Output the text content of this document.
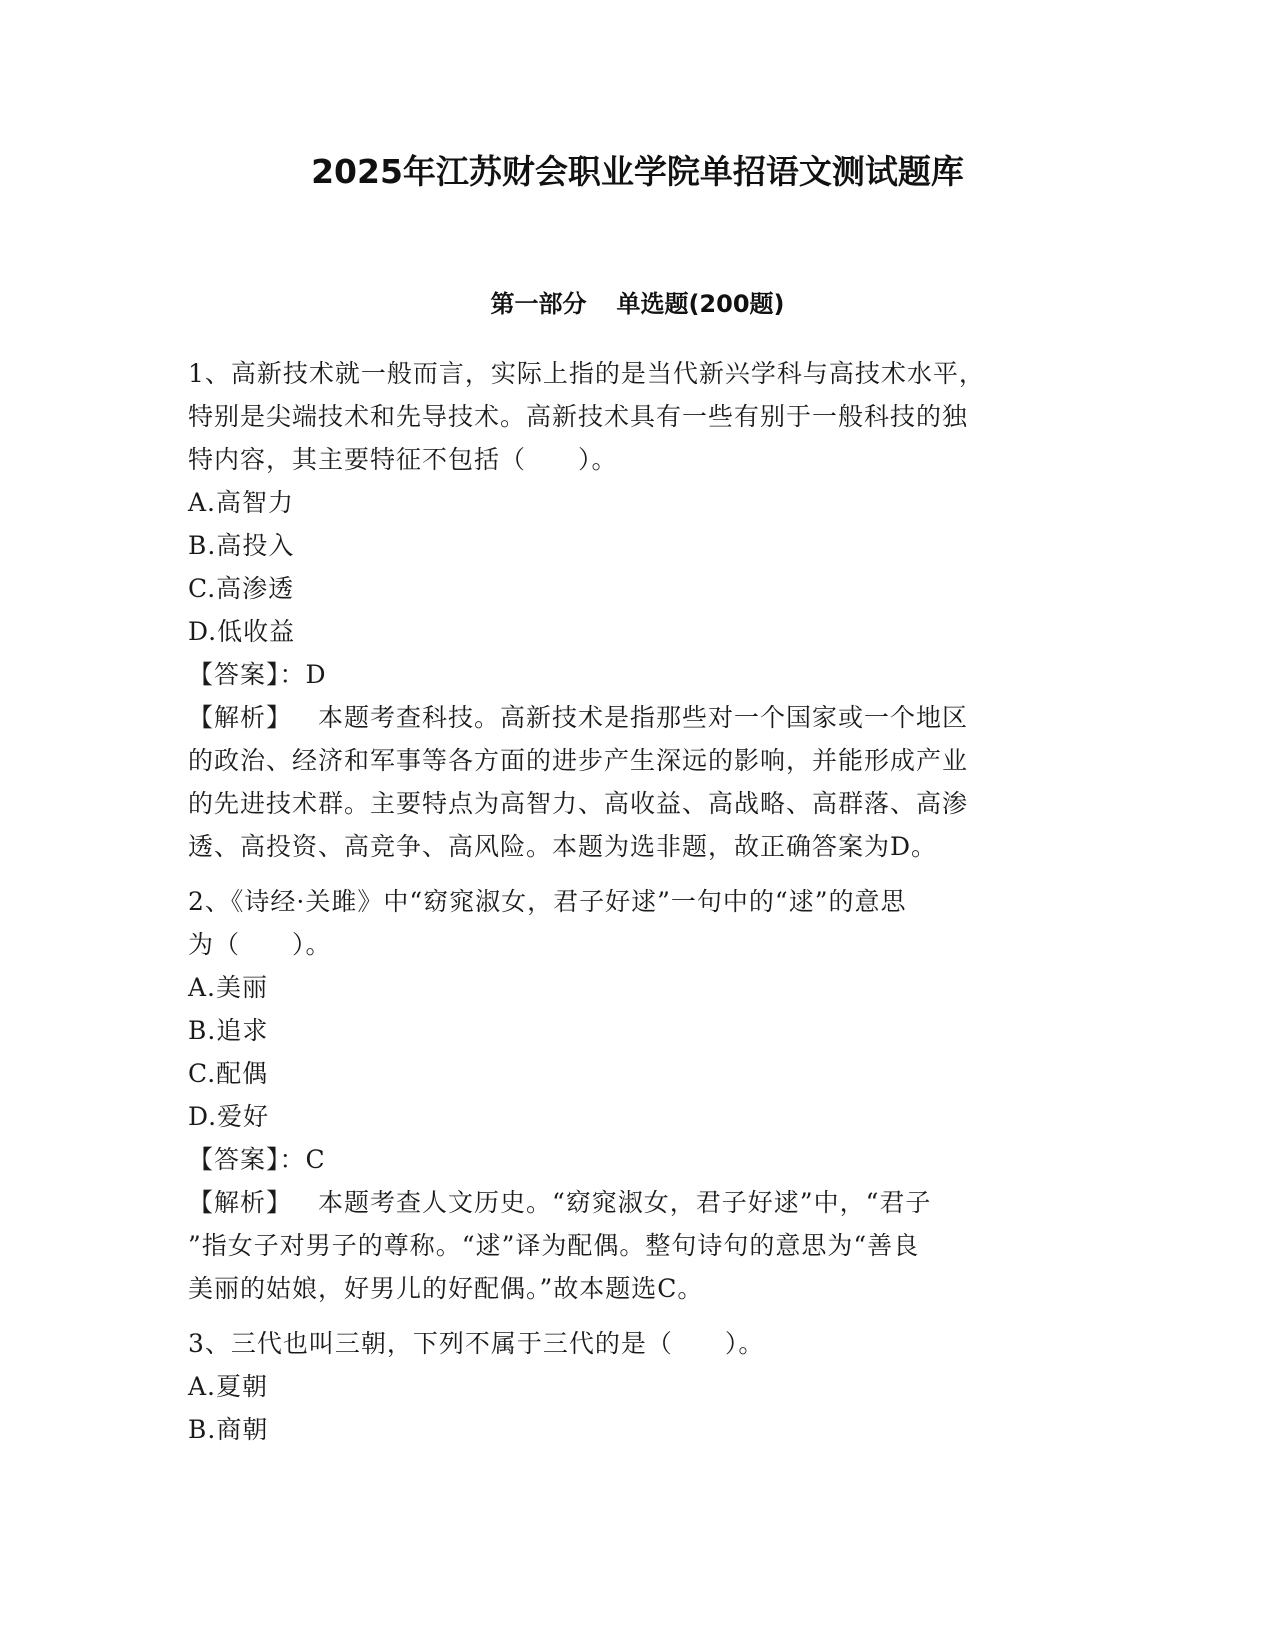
2025年江苏财会职业学院单招语文测试题库
第一部分 单选题(200题)
1、高新技术就一般而言，实际上指的是当代新兴学科与高技术水平，
特别是尖端技术和先导技术。高新技术具有一些有别于一般科技的独
特内容，其主要特征不包括（　　）。
A.高智力
B.高投入
C.高渗透
D.低收益
【答案】：D
【解析】 本题考查科技。高新技术是指那些对一个国家或一个地区
的政治、经济和军事等各方面的进步产生深远的影响，并能形成产业
的先进技术群。主要特点为高智力、高收益、高战略、高群落、高渗
透、高投资、高竞争、高风险。本题为选非题，故正确答案为D。
2、《诗经·关雎》中“窈窕淑女，君子好逑”一句中的“逑”的意思
为（　　）。
A.美丽
B.追求
C.配偶
D.爱好
【答案】：C
【解析】 本题考查人文历史。“窈窕淑女，君子好逑”中，“君子
”指女子对男子的尊称。“逑”译为配偶。整句诗句的意思为“善良
美丽的姑娘，好男儿的好配偶。”故本题选C。
3、三代也叫三朝，下列不属于三代的是（　　）。
A.夏朝
B.商朝
